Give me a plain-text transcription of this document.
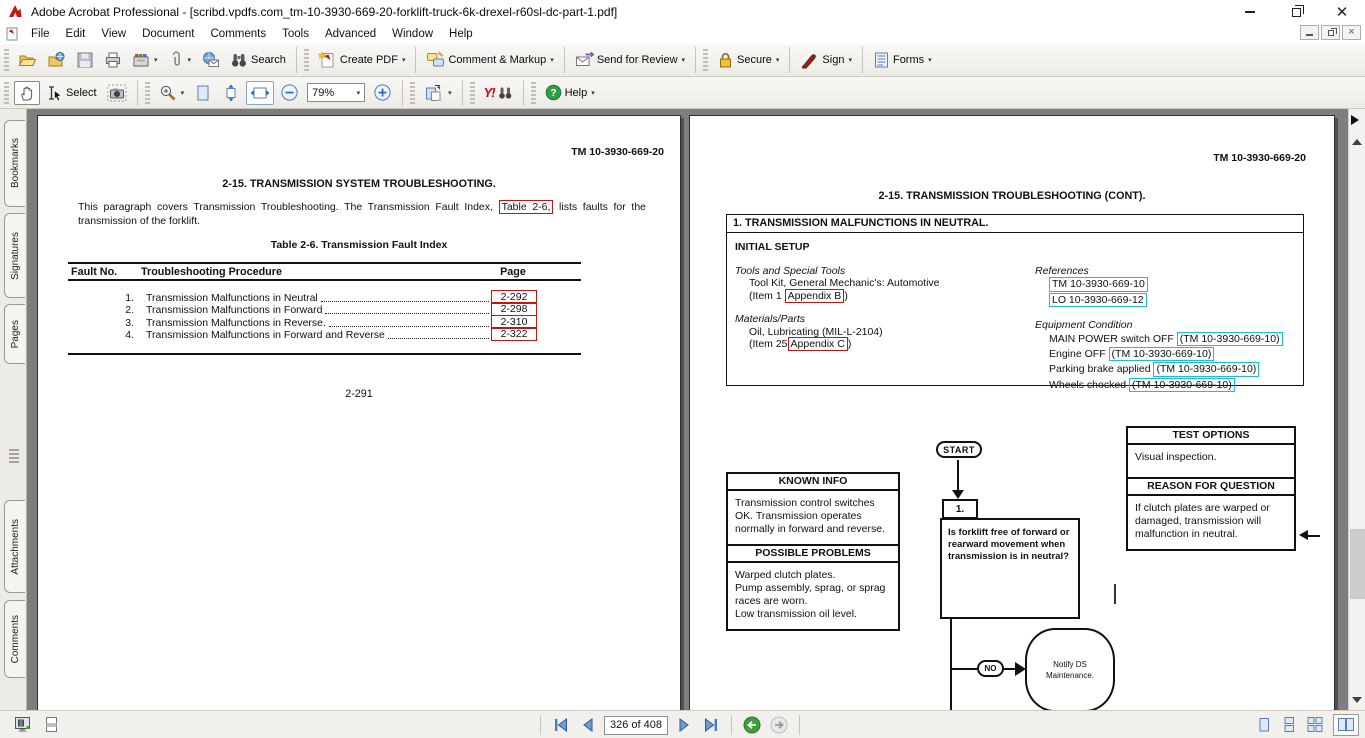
Adobe Acrobat Professional - [scribd.vpdfs.com_tm-10-3930-669-20-forklift-truck-6k-drexel-r60sl-dc-part-1.pdf]	✕
File	Edit	View	Document	Comments	Tools	Advanced	Window	Help	×
▾	▾	Search	Create PDF ▾	Comment & Markup ▾	Send for Review ▾	Secure ▾	Sign ▾	Forms ▾
Select	▾	79%	▾	▾ Y!	? Help ▾
Bookmarks
Signatures
Pages
Attachments
Comments
TM 10-3930-669-20
2-15. TRANSMISSION SYSTEM TROUBLESHOOTING.
This paragraph covers Transmission Troubleshooting. The Transmission Fault Index, Table 2-6, lists faults for the transmission of the forklift.
Table 2-6. Transmission Fault Index
Fault No. Troubleshooting Procedure	Page
1. Transmission Malfunctions in Neutral	2-292
2. Transmission Malfunctions in Forward	2-298
3. Transmission Malfunctions in Reverse.	2-310
4. Transmission Malfunctions in Forward and Reverse	2-322
2-291
TM 10-3930-669-20
2-15. TRANSMISSION TROUBLESHOOTING (CONT).
1. TRANSMISSION MALFUNCTIONS IN NEUTRAL.
INITIAL SETUP
Tools and Special Tools
Tool Kit, General Mechanic's: Automotive
(Item 1 Appendix B )
Materials/Parts
Oil, Lubricating (MIL-L-2104)
(Item 25 Appendix C )
References
TM 10-3930-669-10
LO 10-3930-669-12
Equipment Condition
MAIN POWER switch OFF (TM 10-3930-669-10)
Engine OFF (TM 10-3930-669-10)
Parking brake applied (TM 10-3930-669-10)
Wheels chocked (TM 10-3930-669-10)
START
1.
Is forklift free of forward or rearward movement when transmission is in neutral?
KNOWN INFO
Transmission control switches OK. Transmission operates normally in forward and reverse.
POSSIBLE PROBLEMS
Warped clutch plates.
Pump assembly, sprag, or sprag races are worn.
Low transmission oil level.
TEST OPTIONS
Visual inspection.
REASON FOR QUESTION
If clutch plates are warped or damaged, transmission will malfunction in neutral.
NO	Notify DS Maintenance.
326 of 408
